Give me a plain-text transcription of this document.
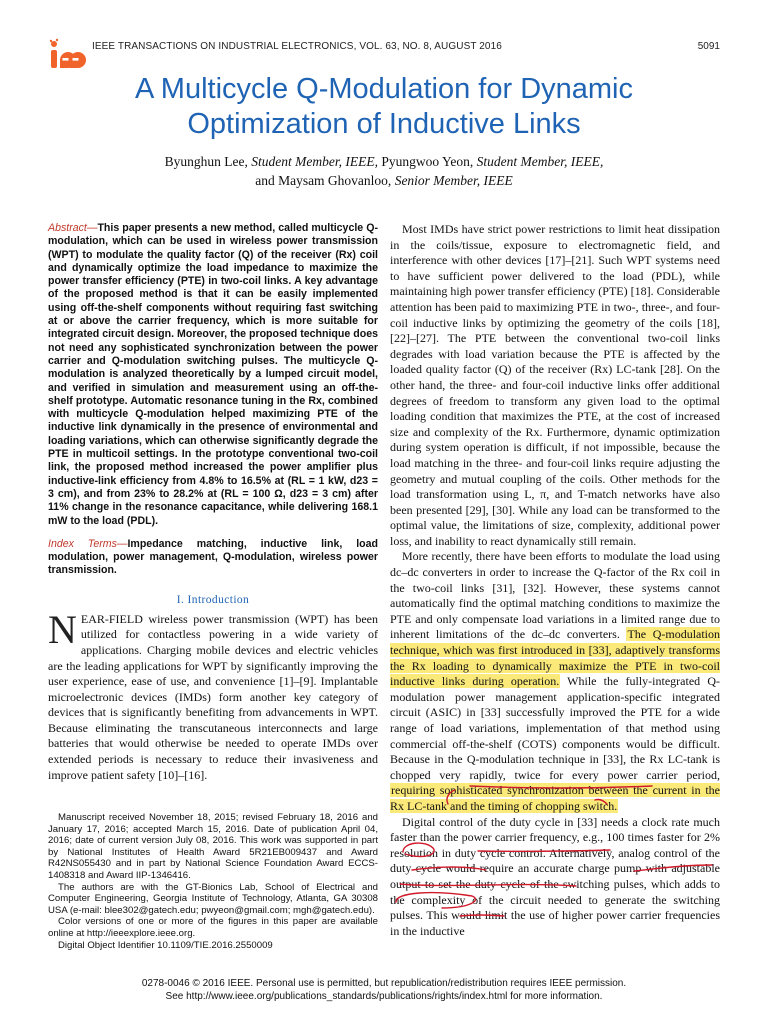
IEEE TRANSACTIONS ON INDUSTRIAL ELECTRONICS, VOL. 63, NO. 8, AUGUST 2016	5091
A Multicycle Q-Modulation for Dynamic
Optimization of Inductive Links
Byunghun Lee, Student Member, IEEE, Pyungwoo Yeon, Student Member, IEEE,
and Maysam Ghovanloo, Senior Member, IEEE
Abstract—This paper presents a new method, called multicycle Q-modulation, which can be used in wireless power transmission (WPT) to modulate the quality factor (Q) of the receiver (Rx) coil and dynamically optimize the load impedance to maximize the power transfer efficiency (PTE) in two-coil links. A key advantage of the proposed method is that it can be easily implemented using off-the-shelf components without requiring fast switching at or above the carrier frequency, which is more suitable for integrated circuit design. Moreover, the proposed technique does not need any sophisticated synchronization between the power carrier and Q-modulation switching pulses. The multicycle Q-modulation is analyzed theoretically by a lumped circuit model, and verified in simulation and measurement using an off-the-shelf prototype. Automatic resonance tuning in the Rx, combined with multicycle Q-modulation helped maximizing PTE of the inductive link dynamically in the presence of environmental and loading variations, which can otherwise significantly degrade the PTE in multicoil settings. In the prototype conventional two-coil link, the proposed method increased the power amplifier plus inductive-link efficiency from 4.8% to 16.5% at (RL = 1 kW, d23 = 3 cm), and from 23% to 28.2% at (RL = 100 Ω, d23 = 3 cm) after 11% change in the resonance capacitance, while delivering 168.1 mW to the load (PDL).
Index Terms—Impedance matching, inductive link, load modulation, power management, Q-modulation, wireless power transmission.
I. Introduction
NEAR-FIELD wireless power transmission (WPT) has been utilized for contactless powering in a wide variety of applications. Charging mobile devices and electric vehicles are the leading applications for WPT by significantly improving the user experience, ease of use, and convenience [1]–[9]. Implantable microelectronic devices (IMDs) form another key category of devices that is significantly benefiting from advancements in WPT. Because eliminating the transcutaneous interconnects and large batteries that would otherwise be needed to operate IMDs over extended periods is necessary to reduce their invasiveness and improve patient safety [10]–[16].

Manuscript received November 18, 2015; revised February 18, 2016 and January 17, 2016; accepted March 15, 2016. Date of publication April 04, 2016; date of current version July 08, 2016. This work was supported in part by National Institutes of Health Award 5R21EB009437 and Award R42NS055430 and in part by National Science Foundation Award ECCS-1408318 and Award IIP-1346416.

The authors are with the GT-Bionics Lab, School of Electrical and Computer Engineering, Georgia Institute of Technology, Atlanta, GA 30308 USA (e-mail: blee302@gatech.edu; pwyeon@gmail.com; mgh@gatech.edu).

Color versions of one or more of the figures in this paper are available online at http://ieeexplore.ieee.org.

Digital Object Identifier 10.1109/TIE.2016.2550009

Most IMDs have strict power restrictions to limit heat dissipation in the coils/tissue, exposure to electromagnetic field, and interference with other devices [17]–[21]. Such WPT systems need to have sufficient power delivered to the load (PDL), while maintaining high power transfer efficiency (PTE) [18]. Considerable attention has been paid to maximizing PTE in two-, three-, and four-coil inductive links by optimizing the geometry of the coils [18], [22]–[27]. The PTE between the conventional two-coil links degrades with load variation because the PTE is affected by the loaded quality factor (Q) of the receiver (Rx) LC-tank [28]. On the other hand, the three- and four-coil inductive links offer additional degrees of freedom to transform any given load to the optimal loading condition that maximizes the PTE, at the cost of increased size and complexity of the Rx. Furthermore, dynamic optimization during system operation is difficult, if not impossible, because the load matching in the three- and four-coil links require adjusting the geometry and mutual coupling of the coils. Other methods for the load transformation using L, π, and T-match networks have also been presented [29], [30]. While any load can be transformed to the optimal value, the limitations of size, complexity, additional power loss, and inability to react dynamically still remain.
More recently, there have been efforts to modulate the load using dc–dc converters in order to increase the Q-factor of the Rx coil in the two-coil links [31], [32]. However, these systems cannot automatically find the optimal matching conditions to maximize the PTE and only compensate load variations in a limited range due to inherent limitations of the dc–dc converters. The Q-modulation technique, which was first introduced in [33], adaptively transforms the Rx loading to dynamically maximize the PTE in two-coil inductive links during operation. While the fully-integrated Q-modulation power management application-specific integrated circuit (ASIC) in [33] successfully improved the PTE for a wide range of load variations, implementation of that method using commercial off-the-shelf (COTS) components would be difficult. Because in the Q-modulation technique in [33], the Rx LC-tank is chopped very rapidly, twice for every power carrier period, requiring sophisticated synchronization between the current in the Rx LC-tank and the timing of chopping switch.
Digital control of the duty cycle in [33] needs a clock rate much faster than the power carrier frequency, e.g., 100 times faster for 2% resolution in duty cycle control. Alternatively, analog control of the duty cycle would require an accurate charge pump with adjustable output to set the duty cycle of the switching pulses, which adds to the complexity of the circuit needed to generate the switching pulses. This would limit the use of higher power carrier frequencies in the inductive
0278-0046 © 2016 IEEE. Personal use is permitted, but republication/redistribution requires IEEE permission.
See http://www.ieee.org/publications_standards/publications/rights/index.html for more information.
